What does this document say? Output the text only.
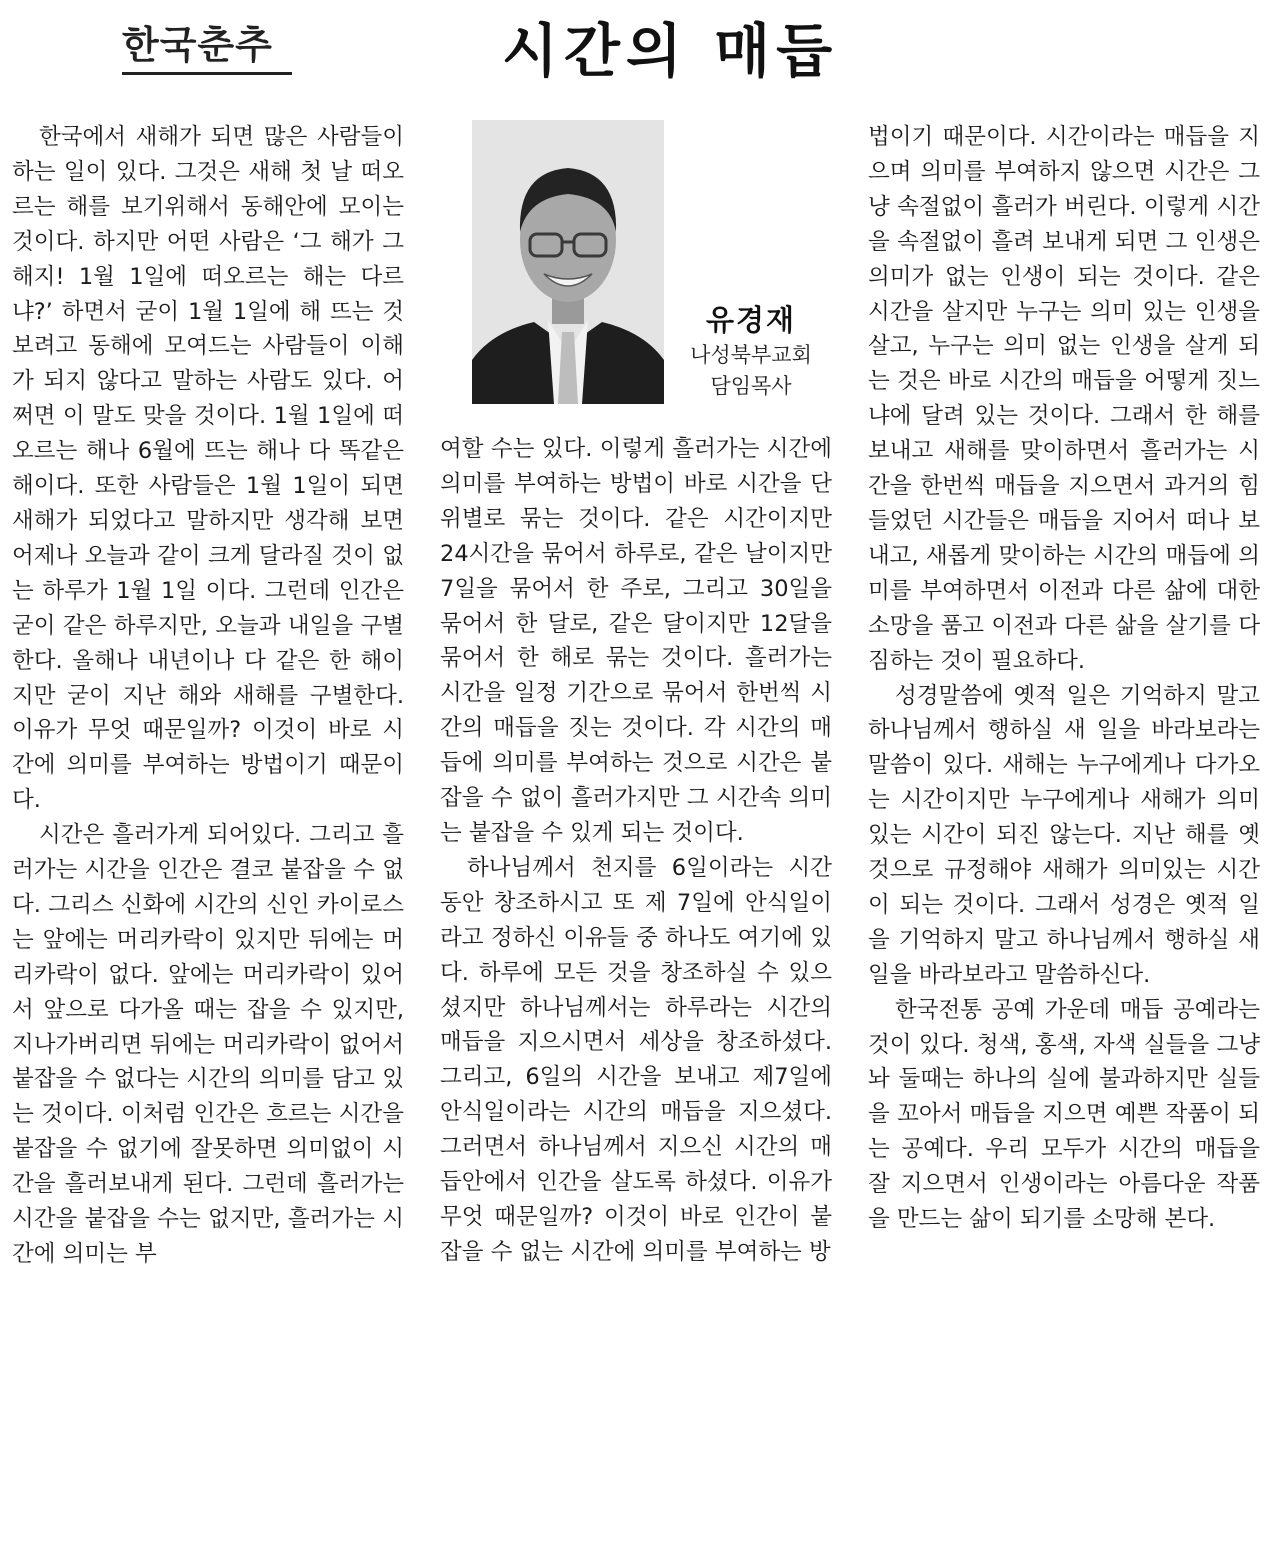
한국춘추	시간의 매듭

한국에서 새해가 되면 많은 사람들이 하는 일이 있다. 그것은 새해 첫 날 떠오르는 해를 보기위해서 동해안에 모이는 것이다. 하지만 어떤 사람은 ‘그 해가 그 해지! 1월 1일에 떠오르는 해는 다르냐?’ 하면서 굳이 1월 1일에 해 뜨는 것 보려고 동해에 모여드는 사람들이 이해가 되지 않다고 말하는 사람도 있다. 어쩌면 이 말도 맞을 것이다. 1월 1일에 떠오르는 해나 6월에 뜨는 해나 다 똑같은 해이다. 또한 사람들은 1월 1일이 되면 새해가 되었다고 말하지만 생각해 보면 어제나 오늘과 같이 크게 달라질 것이 없는 하루가 1월 1일 이다. 그런데 인간은 굳이 같은 하루지만, 오늘과 내일을 구별한다. 올해나 내년이나 다 같은 한 해이지만 굳이 지난 해와 새해를 구별한다. 이유가 무엇 때문일까? 이것이 바로 시간에 의미를 부여하는 방법이기 때문이다.

시간은 흘러가게 되어있다. 그리고 흘러가는 시간을 인간은 결코 붙잡을 수 없다. 그리스 신화에 시간의 신인 카이로스는 앞에는 머리카락이 있지만 뒤에는 머리카락이 없다. 앞에는 머리카락이 있어서 앞으로 다가올 때는 잡을 수 있지만, 지나가버리면 뒤에는 머리카락이 없어서 붙잡을 수 없다는 시간의 의미를 담고 있는 것이다. 이처럼 인간은 흐르는 시간을 붙잡을 수 없기에 잘못하면 의미없이 시간을 흘러보내게 된다. 그런데 흘러가는 시간을 붙잡을 수는 없지만, 흘러가는 시간에 의미는 부

유경재
나성북부교회
담임목사

여할 수는 있다. 이렇게 흘러가는 시간에 의미를 부여하는 방법이 바로 시간을 단위별로 묶는 것이다. 같은 시간이지만 24시간을 묶어서 하루로, 같은 날이지만 7일을 묶어서 한 주로, 그리고 30일을 묶어서 한 달로, 같은 달이지만 12달을 묶어서 한 해로 묶는 것이다. 흘러가는 시간을 일정 기간으로 묶어서 한번씩 시간의 매듭을 짓는 것이다. 각 시간의 매듭에 의미를 부여하는 것으로 시간은 붙잡을 수 없이 흘러가지만 그 시간속 의미는 붙잡을 수 있게 되는 것이다.

하나님께서 천지를 6일이라는 시간 동안 창조하시고 또 제 7일에 안식일이라고 정하신 이유들 중 하나도 여기에 있다. 하루에 모든 것을 창조하실 수 있으셨지만 하나님께서는 하루라는 시간의 매듭을 지으시면서 세상을 창조하셨다. 그리고, 6일의 시간을 보내고 제7일에 안식일이라는 시간의 매듭을 지으셨다. 그러면서 하나님께서 지으신 시간의 매듭안에서 인간을 살도록 하셨다. 이유가 무엇 때문일까? 이것이 바로 인간이 붙잡을 수 없는 시간에 의미를 부여하는 방

법이기 때문이다. 시간이라는 매듭을 지으며 의미를 부여하지 않으면 시간은 그냥 속절없이 흘러가 버린다. 이렇게 시간을 속절없이 흘려 보내게 되면 그 인생은 의미가 없는 인생이 되는 것이다. 같은 시간을 살지만 누구는 의미 있는 인생을 살고, 누구는 의미 없는 인생을 살게 되는 것은 바로 시간의 매듭을 어떻게 짓느냐에 달려 있는 것이다. 그래서 한 해를 보내고 새해를 맞이하면서 흘러가는 시간을 한번씩 매듭을 지으면서 과거의 힘들었던 시간들은 매듭을 지어서 떠나 보내고, 새롭게 맞이하는 시간의 매듭에 의미를 부여하면서 이전과 다른 삶에 대한 소망을 품고 이전과 다른 삶을 살기를 다짐하는 것이 필요하다.

성경말씀에 옛적 일은 기억하지 말고 하나님께서 행하실 새 일을 바라보라는 말씀이 있다. 새해는 누구에게나 다가오는 시간이지만 누구에게나 새해가 의미있는 시간이 되진 않는다. 지난 해를 옛 것으로 규정해야 새해가 의미있는 시간이 되는 것이다. 그래서 성경은 옛적 일을 기억하지 말고 하나님께서 행하실 새일을 바라보라고 말씀하신다.

한국전통 공예 가운데 매듭 공예라는 것이 있다. 청색, 홍색, 자색 실들을 그냥 놔 둘때는 하나의 실에 불과하지만 실들을 꼬아서 매듭을 지으면 예쁜 작품이 되는 공예다. 우리 모두가 시간의 매듭을 잘 지으면서 인생이라는 아름다운 작품을 만드는 삶이 되기를 소망해 본다.
